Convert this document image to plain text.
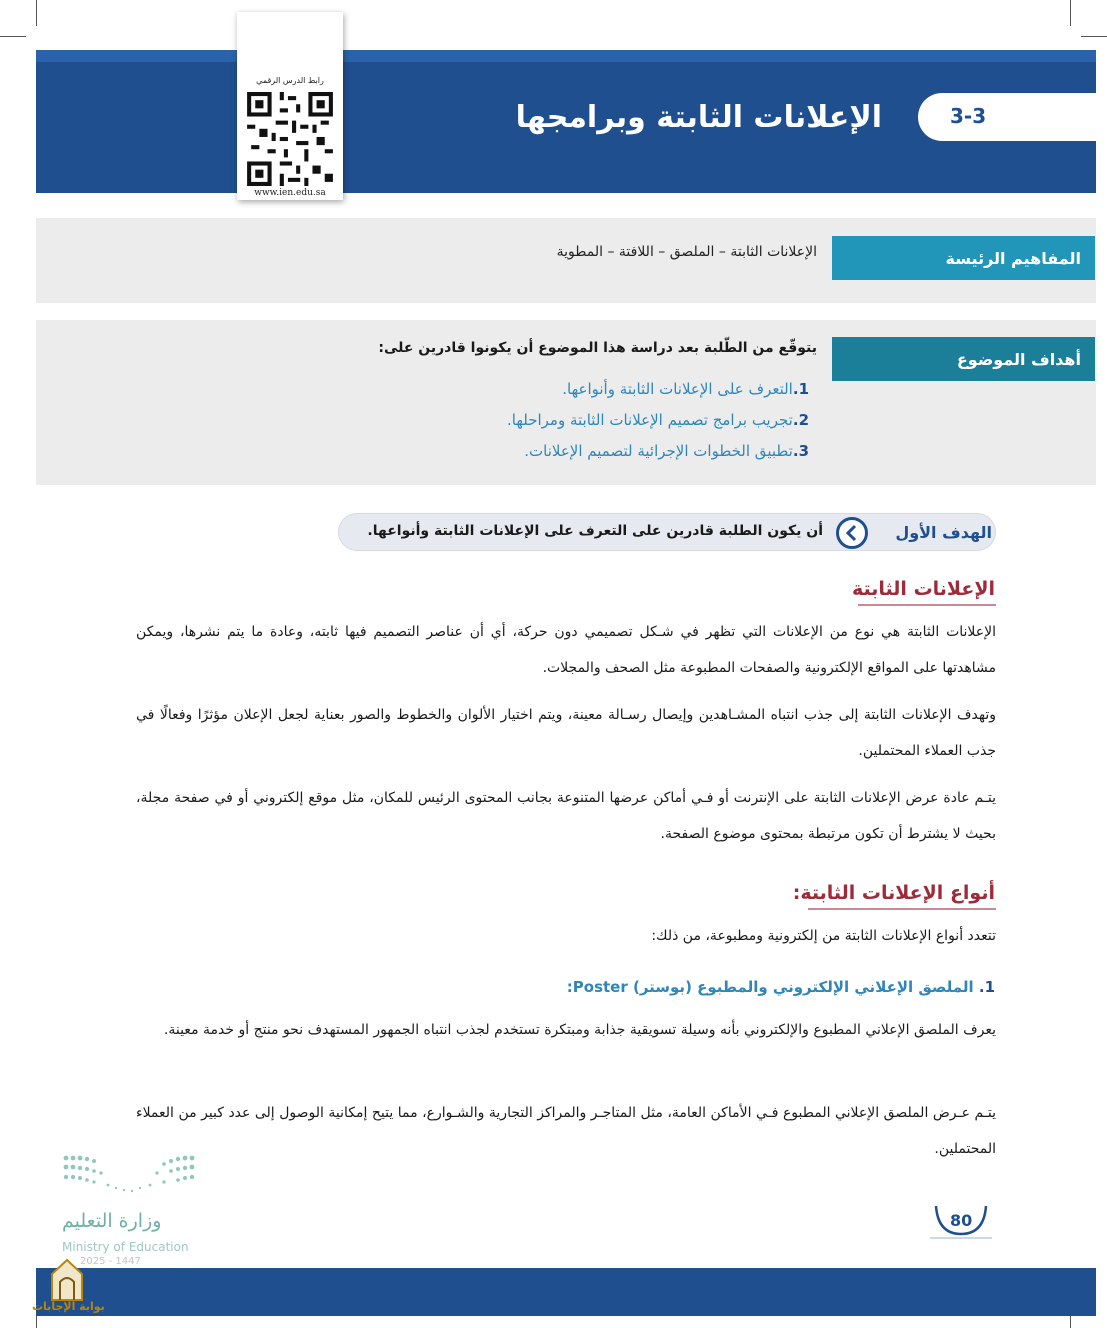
3-3
الإعلانات الثابتة وبرامجها
رابط الدرس الرقمي
www.ien.edu.sa
المفاهيم الرئيسة
الإعلانات الثابتة – الملصق – اللافتة – المطوية
أهداف الموضوع
يتوقّع من الطّلبة بعد دراسة هذا الموضوع أن يكونوا قادرين على:
1.التعرف على الإعلانات الثابتة وأنواعها.
2.تجريب برامج تصميم الإعلانات الثابتة ومراحلها.
3.تطبيق الخطوات الإجرائية لتصميم الإعلانات.
الهدف الأول
أن يكون الطلبة قادرين على التعرف على الإعلانات الثابتة وأنواعها.
الإعلانات الثابتة
الإعلانات الثابتة هي نوع من الإعلانات التي تظهر في شـكل تصميمي دون حركة، أي أن عناصر التصميم فيها ثابته، وعادة ما يتم نشرها، ويمكن مشاهدتها على المواقع الإلكترونية والصفحات المطبوعة مثل الصحف والمجلات.
وتهدف الإعلانات الثابتة إلى جذب انتباه المشـاهدين وإيصال رسـالة معينة، ويتم اختيار الألوان والخطوط والصور بعناية لجعل الإعلان مؤثرًا وفعالًا في جذب العملاء المحتملين.
يتـم عادة عرض الإعلانات الثابتة على الإنترنت أو فـي أماكن عرضها المتنوعة بجانب المحتوى الرئيس للمكان، مثل موقع إلكتروني أو في صفحة مجلة، بحيث لا يشترط أن تكون مرتبطة بمحتوى موضوع الصفحة.
أنواع الإعلانات الثابتة:
تتعدد أنواع الإعلانات الثابتة من إلكترونية ومطبوعة، من ذلك:
1. الملصق الإعلاني الإلكتروني والمطبوع (بوستر) Poster:
يعرف الملصق الإعلاني المطبوع والإلكتروني بأنه وسيلة تسويقية جذابة ومبتكرة تستخدم لجذب انتباه الجمهور المستهدف نحو منتج أو خدمة معينة.
يتـم عـرض الملصق الإعلاني المطبوع فـي الأماكن العامة، مثل المتاجـر والمراكز التجارية والشـوارع، مما يتيح إمكانية الوصول إلى عدد كبير من العملاء المحتملين.
وزارة التعليم
Ministry of Education
2025 - 1447
80
بوابة الإجابات
